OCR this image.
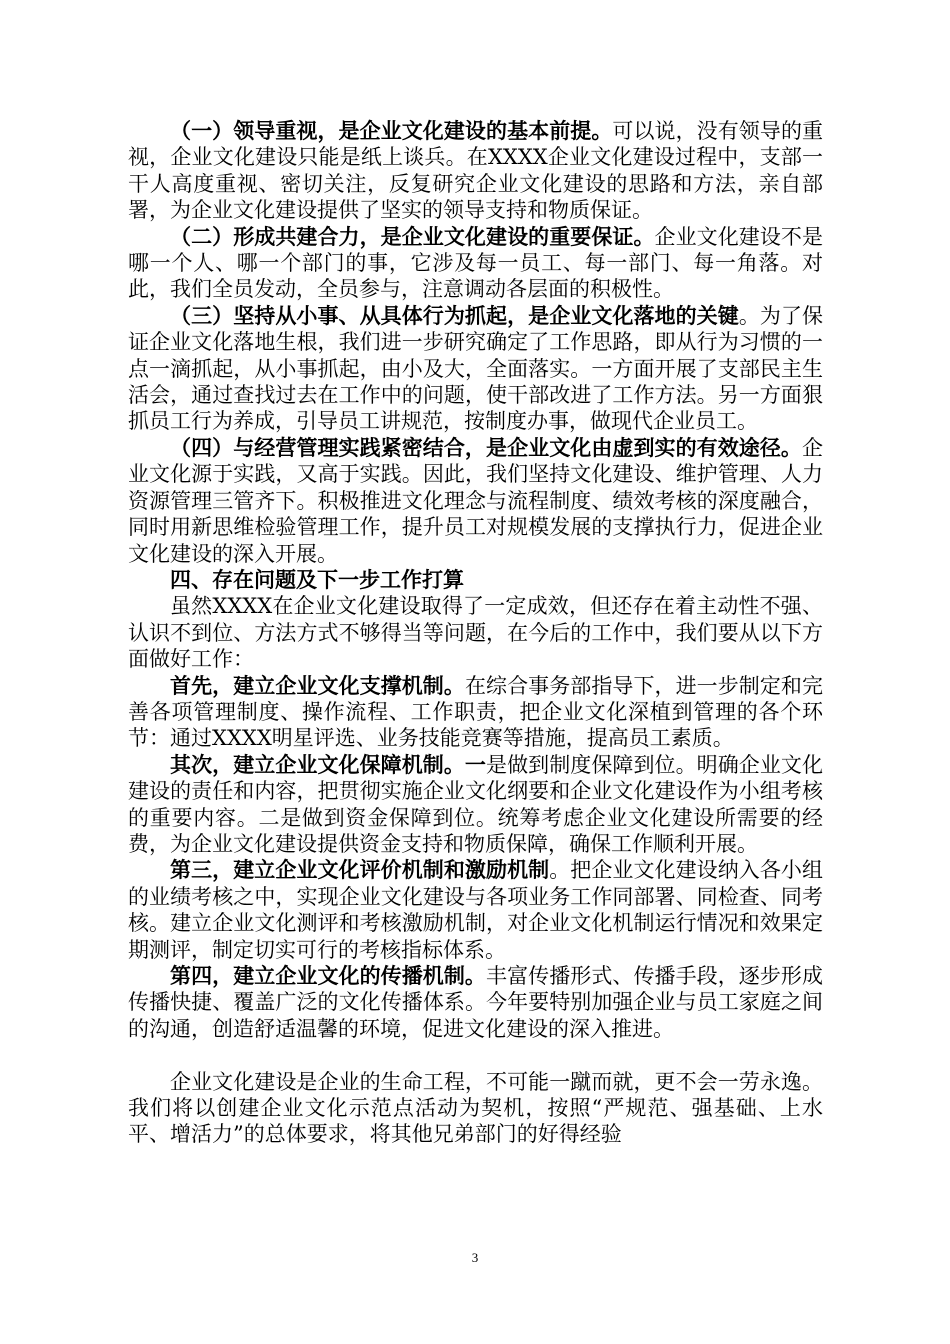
（一）领导重视，是企业文化建设的基本前提。可以说，没有领导的重视，企业文化建设只能是纸上谈兵。在XXXX企业文化建设过程中，支部一干人高度重视、密切关注，反复研究企业文化建设的思路和方法，亲自部署，为企业文化建设提供了坚实的领导支持和物质保证。

（二）形成共建合力，是企业文化建设的重要保证。企业文化建设不是哪一个人、哪一个部门的事，它涉及每一员工、每一部门、每一角落。对此，我们全员发动，全员参与，注意调动各层面的积极性。

（三）坚持从小事、从具体行为抓起，是企业文化落地的关键。为了保证企业文化落地生根，我们进一步研究确定了工作思路，即从行为习惯的一点一滴抓起，从小事抓起，由小及大，全面落实。一方面开展了支部民主生活会，通过查找过去在工作中的问题，使干部改进了工作方法。另一方面狠抓员工行为养成，引导员工讲规范，按制度办事，做现代企业员工。

（四）与经营管理实践紧密结合，是企业文化由虚到实的有效途径。企业文化源于实践，又高于实践。因此，我们坚持文化建设、维护管理、人力资源管理三管齐下。积极推进文化理念与流程制度、绩效考核的深度融合，同时用新思维检验管理工作，提升员工对规模发展的支撑执行力，促进企业文化建设的深入开展。

四、存在问题及下一步工作打算

虽然XXXX在企业文化建设取得了一定成效，但还存在着主动性不强、认识不到位、方法方式不够得当等问题，在今后的工作中，我们要从以下方面做好工作：

首先，建立企业文化支撑机制。在综合事务部指导下，进一步制定和完善各项管理制度、操作流程、工作职责，把企业文化深植到管理的各个环节：通过XXXX明星评选、业务技能竞赛等措施，提高员工素质。

其次，建立企业文化保障机制。一是做到制度保障到位。明确企业文化建设的责任和内容，把贯彻实施企业文化纲要和企业文化建设作为小组考核的重要内容。二是做到资金保障到位。统筹考虑企业文化建设所需要的经费，为企业文化建设提供资金支持和物质保障，确保工作顺利开展。

第三，建立企业文化评价机制和激励机制。把企业文化建设纳入各小组的业绩考核之中，实现企业文化建设与各项业务工作同部署、同检查、同考核。建立企业文化测评和考核激励机制，对企业文化机制运行情况和效果定期测评，制定切实可行的考核指标体系。

第四，建立企业文化的传播机制。丰富传播形式、传播手段，逐步形成传播快捷、覆盖广泛的文化传播体系。今年要特别加强企业与员工家庭之间的沟通，创造舒适温馨的环境，促进文化建设的深入推进。

企业文化建设是企业的生命工程，不可能一蹴而就，更不会一劳永逸。我们将以创建企业文化示范点活动为契机，按照“严规范、强基础、上水平、增活力”的总体要求，将其他兄弟部门的好得经验

3
